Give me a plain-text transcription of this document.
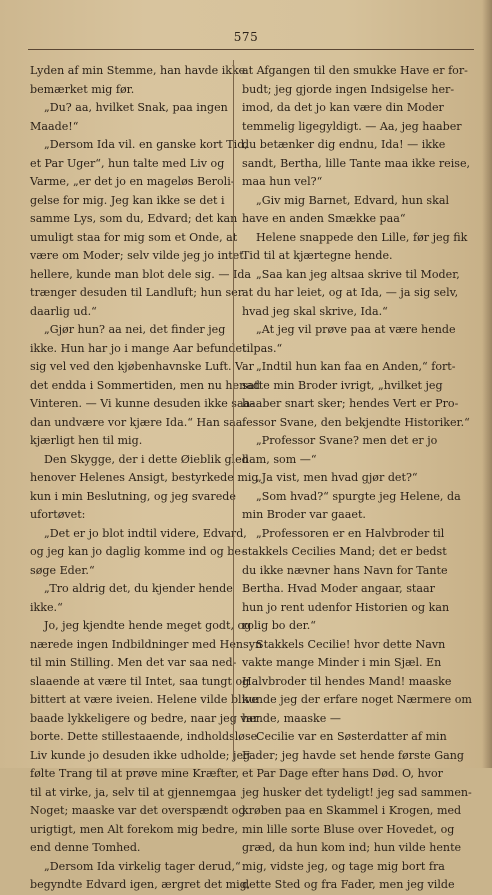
575
Lyden af min Stemme, han havde ikke
bemærket mig før.
„Du? aa, hvilket Snak, paa ingen
Maade!“
„Dersom Ida vil. en ganske kort Tid,
et Par Uger“, hun talte med Liv og
Varme, „er det jo en mageløs Beroli-
gelse for mig. Jeg kan ikke se det i
samme Lys, som du, Edvard; det kan
umuligt staa for mig som et Onde, at
være om Moder; selv vilde jeg jo intet
hellere, kunde man blot dele sig. — Ida
trænger desuden til Landluft; hun ser
daarlig ud.“
„Gjør hun? aa nei, det finder jeg
ikke. Hun har jo i mange Aar befundet
sig vel ved den kjøbenhavnske Luft. Var
det endda i Sommertiden, men nu henad
Vinteren. — Vi kunne desuden ikke saa-
dan undvære vor kjære Ida.“ Han saa
kjærligt hen til mig.
Den Skygge, der i dette Øieblik gled
henover Helenes Ansigt, bestyrkede mig
kun i min Beslutning, og jeg svarede
ufortøvet:
„Det er jo blot indtil videre, Edvard,
og jeg kan jo daglig komme ind og be-
søge Eder.“
„Tro aldrig det, du kjender hende
ikke.“
Jo, jeg kjendte hende meget godt, og
nærede ingen Indbildninger med Hensyn
til min Stilling. Men det var saa ned-
slaaende at være til Intet, saa tungt og
bittert at være iveien. Helene vilde blive
baade lykkeligere og bedre, naar jeg var
borte. Dette stillestaaende, indholdsløse
Liv kunde jo desuden ikke udholde; jeg
følte Trang til at prøve mine Kræfter,
til at virke, ja, selv til at gjennemgaa
Noget; maaske var det overspændt og
urigtigt, men Alt forekom mig bedre,
end denne Tomhed.
„Dersom Ida virkelig tager derud,“
begyndte Edvard igen, ærgret det mig,
at Afgangen til den smukke Have er for-
budt; jeg gjorde ingen Indsigelse her-
imod, da det jo kan være din Moder
temmelig ligegyldigt. — Aa, jeg haaber
du betænker dig endnu, Ida! — ikke
sandt, Bertha, lille Tante maa ikke reise,
maa hun vel?“
„Giv mig Barnet, Edvard, hun skal
have en anden Smække paa“
Helene snappede den Lille, før jeg fik
Tid til at kjærtegne hende.
„Saa kan jeg altsaa skrive til Moder,
at du har leiet, og at Ida, — ja sig selv,
hvad jeg skal skrive, Ida.“
„At jeg vil prøve paa at være hende
tilpas.“
„Indtil hun kan faa en Anden,“ fort-
satte min Broder ivrigt, „hvilket jeg
haaber snart sker; hendes Vert er Pro-
fessor Svane, den bekjendte Historiker.“
„Professor Svane? men det er jo
ham, som —“
„Ja vist, men hvad gjør det?“
„Som hvad?“ spurgte jeg Helene, da
min Broder var gaaet.
„Professoren er en Halvbroder til
stakkels Cecilies Mand; det er bedst
du ikke nævner hans Navn for Tante
Bertha. Hvad Moder angaar, staar
hun jo rent udenfor Historien og kan
rolig bo der.“
Stakkels Cecilie! hvor dette Navn
vakte mange Minder i min Sjæl. En
Halvbroder til hendes Mand! maaske
kunde jeg der erfare noget Nærmere om
hende, maaske —
Cecilie var en Søsterdatter af min
Fader; jeg havde set hende første Gang
et Par Dage efter hans Død. O, hvor
jeg husker det tydeligt! jeg sad sammen-
krøben paa en Skammel i Krogen, med
min lille sorte Bluse over Hovedet, og
græd, da hun kom ind; hun vilde hente
mig, vidste jeg, og tage mig bort fra
dette Sted og fra Fader, men jeg vilde
